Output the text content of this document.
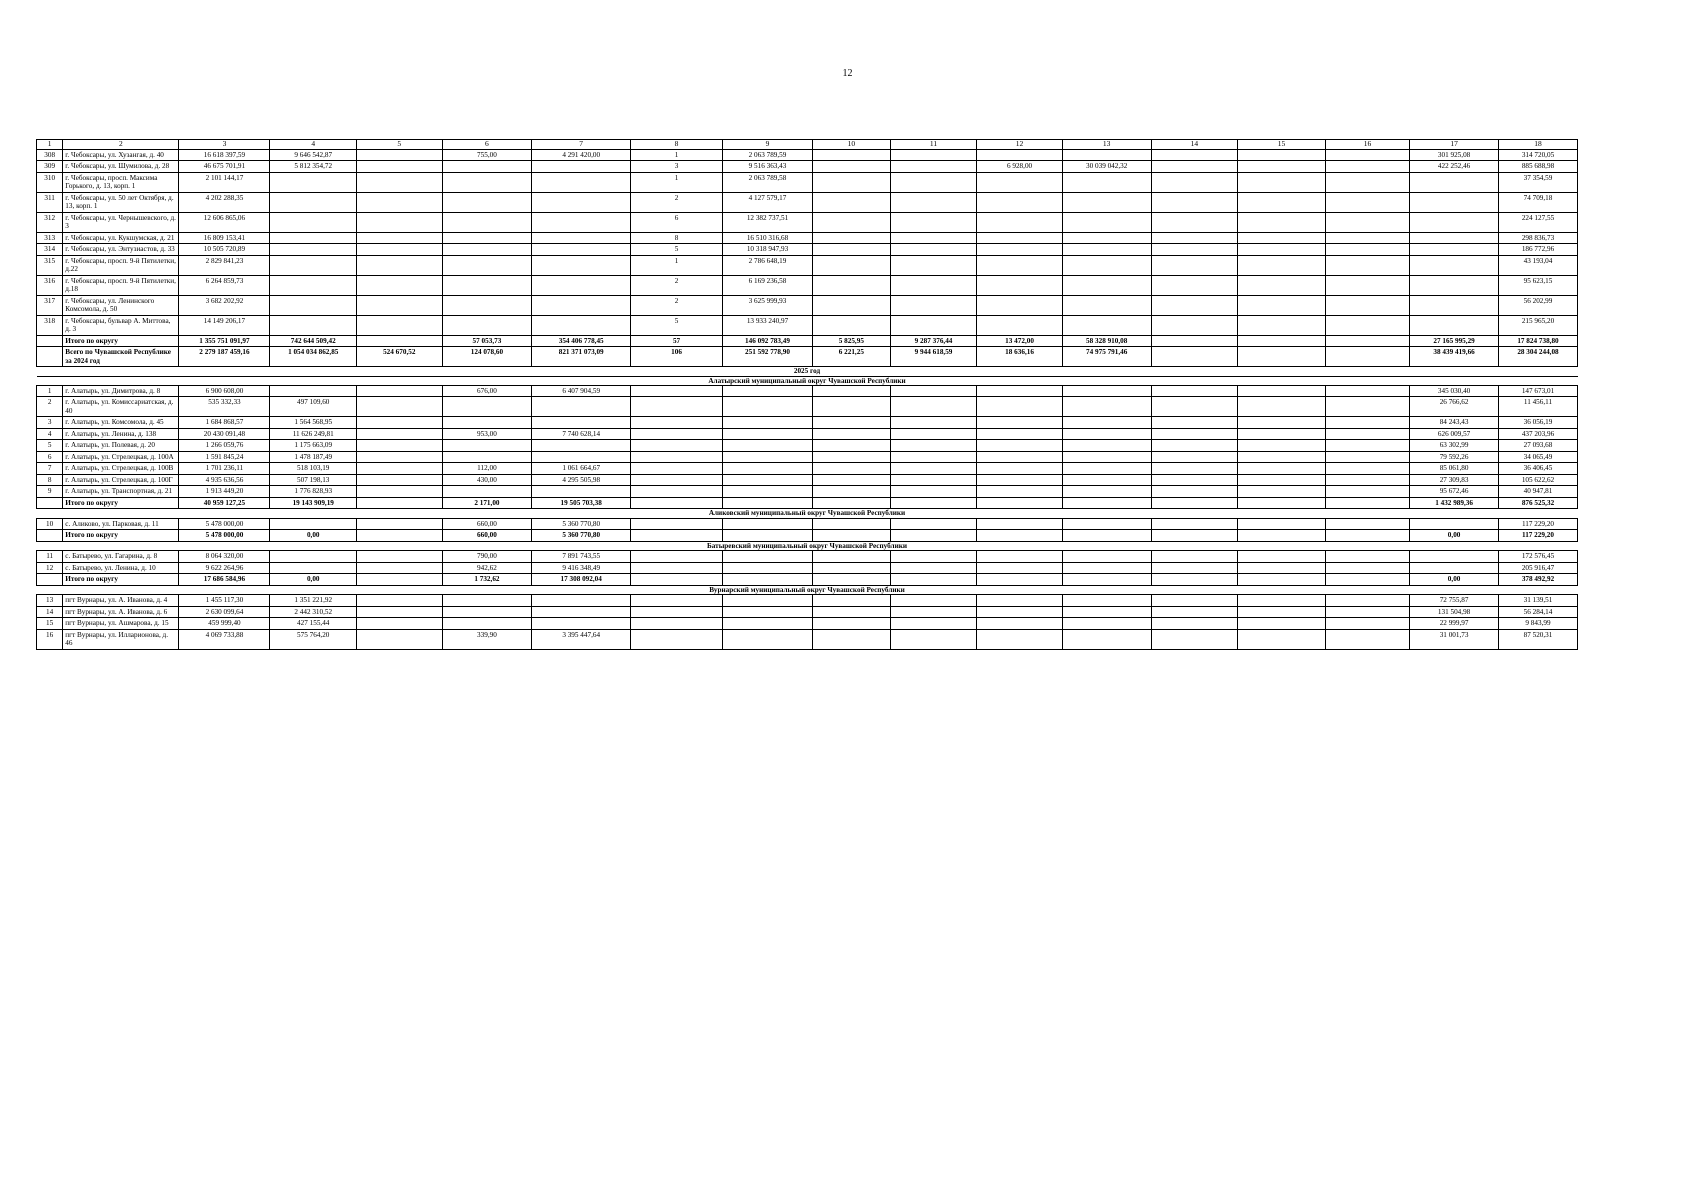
12
1	2	3	4	5	6	7	8	9	10	11	12	13	14	15	16	17	18
308	г. Чебоксары, ул. Хузангая, д. 40	16 618 397,59	9 646 542,87		755,00	4 291 420,00	1	2 063 789,59								301 925,08	314 720,05
309	г. Чебоксары, ул. Шумилова, д. 28	46 675 701,91	5 812 354,72				3	9 516 363,43			6 928,00	30 039 042,32				422 252,46	885 688,98
310	г. Чебоксары, просп. Максима Горького, д. 13, корп. 1	2 101 144,17					1	2 063 789,58									37 354,59
311	г. Чебоксары, ул. 50 лет Октября, д. 13, корп. 1	4 202 288,35					2	4 127 579,17									74 709,18
312	г. Чебоксары, ул. Чернышевского, д. 3	12 606 865,06					6	12 382 737,51									224 127,55
313	г. Чебоксары, ул. Кукшумская, д. 21	16 809 153,41					8	16 510 316,68									298 836,73
314	г. Чебоксары, ул. Энтузиастов, д. 33	10 505 720,89					5	10 318 947,93									186 772,96
315	г. Чебоксары, просп. 9-й Пятилетки, д.22	2 829 841,23					1	2 786 648,19									43 193,04
316	г. Чебоксары, просп. 9-й Пятилетки, д.18	6 264 859,73					2	6 169 236,58									95 623,15
317	г. Чебоксары, ул. Ленинского Комсомола, д. 50	3 682 202,92					2	3 625 999,93									56 202,99
318	г. Чебоксары, бульвар А. Миттова, д. 3	14 149 206,17					5	13 933 240,97									215 965,20
	Итого по округу	1 355 751 091,97	742 644 509,42		57 053,73	354 406 778,45	57	146 092 783,49	5 825,95	9 287 376,44	13 472,00	58 328 910,08				27 165 995,29	17 824 738,80
	Всего по Чувашской Республике за 2024 год	2 279 187 459,16	1 054 034 862,85	524 670,52	124 078,60	821 371 073,09	106	251 592 778,90	6 221,25	9 944 618,59	18 636,16	74 975 791,46				38 439 419,66	28 304 244,08
2025 год																	
Алатырский муниципальный округ Чувашской Республики																	
1	г. Алатырь, ул. Димитрова, д. 8	6 900 608,00			676,00	6 407 904,59										345 030,40	147 673,01
2	г. Алатырь, ул. Комиссариатская, д. 40	535 332,33	497 109,60													26 766,62	11 456,11
3	г. Алатырь, ул. Комсомола, д. 45	1 684 868,57	1 564 568,95													84 243,43	36 056,19
4	г. Алатырь, ул. Ленина, д. 138	20 430 091,48	11 626 249,81		953,00	7 740 628,14										626 009,57	437 203,96
5	г. Алатырь, ул. Полевая, д. 20	1 266 059,76	1 175 663,09													63 302,99	27 093,68
6	г. Алатырь, ул. Стрелецкая, д. 100А	1 591 845,24	1 478 187,49													79 592,26	34 065,49
7	г. Алатырь, ул. Стрелецкая, д. 100В	1 701 236,11	518 103,19		112,00	1 061 664,67										85 061,80	36 406,45
8	г. Алатырь, ул. Стрелецкая, д. 100Г	4 935 636,56	507 198,13		430,00	4 295 505,98										27 309,83	105 622,62
9	г. Алатырь, ул. Транспортная, д. 21	1 913 449,20	1 776 828,93													95 672,46	40 947,81
	Итого по округу	40 959 127,25	19 143 909,19		2 171,00	19 505 703,38										1 432 989,36	876 525,32
Аликовский муниципальный округ Чувашской Республики																	
10	с. Аликово, ул. Парковая, д. 11	5 478 000,00			660,00	5 360 770,80											117 229,20
	Итого по округу	5 478 000,00	0,00		660,00	5 360 770,80										0,00	117 229,20
Батыревский муниципальный округ Чувашской Республики																	
11	с. Батырево, ул. Гагарина, д. 8	8 064 320,00			790,00	7 891 743,55											172 576,45
12	с. Батырево, ул. Ленина, д. 10	9 622 264,96			942,62	9 416 348,49											205 916,47
	Итого по округу	17 686 584,96	0,00		1 732,62	17 308 092,04										0,00	378 492,92
Вурнарский муниципальный округ Чувашской Республики																	
13	пгт Вурнары, ул. А. Иванова, д. 4	1 455 117,30	1 351 221,92													72 755,87	31 139,51
14	пгт Вурнары, ул. А. Иванова, д. 6	2 630 099,64	2 442 310,52													131 504,98	56 284,14
15	пгт Вурнары, ул. Ашмарова, д. 15	459 999,40	427 155,44													22 999,97	9 843,99
16	пгт Вурнары, ул. Илларионова, д. 46	4 069 733,88	575 764,20		339,90	3 395 447,64										31 001,73	87 520,31
